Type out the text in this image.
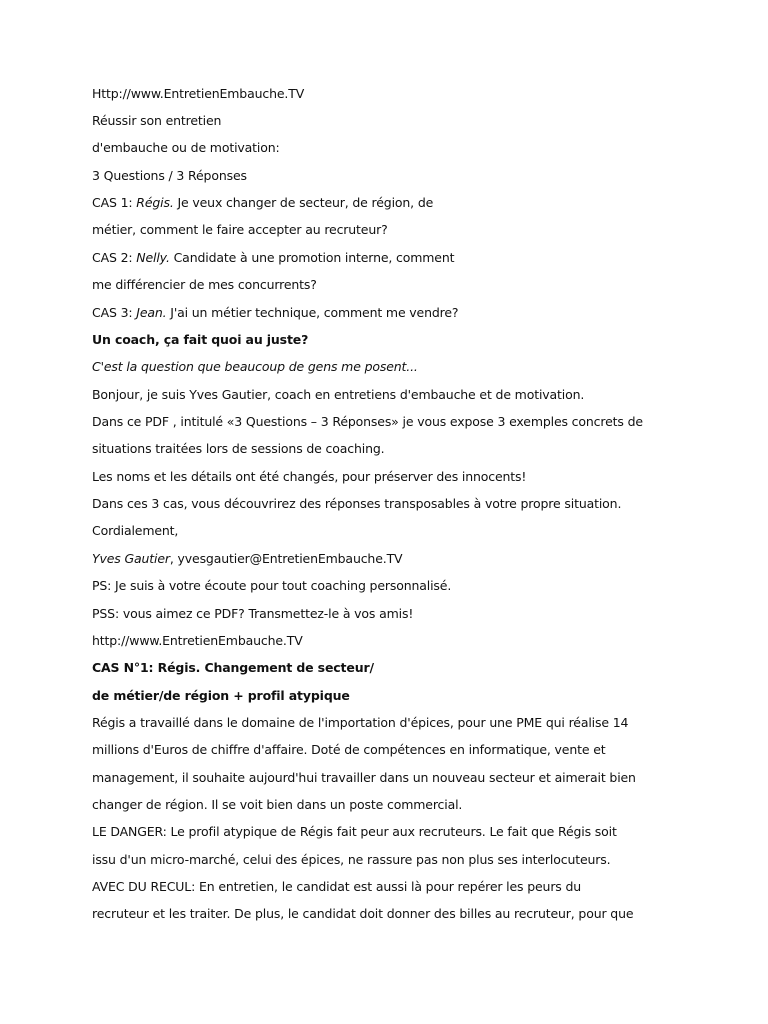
Http://www.EntretienEmbauche.TV
Réussir son entretien
d'embauche ou de motivation:
3 Questions / 3 Réponses
CAS 1: Régis. Je veux changer de secteur, de région, de
métier, comment le faire accepter au recruteur?
CAS 2: Nelly. Candidate à une promotion interne, comment
me différencier de mes concurrents?
CAS 3: Jean. J'ai un métier technique, comment me vendre?
Un coach, ça fait quoi au juste?
C'est la question que beaucoup de gens me posent...
Bonjour, je suis Yves Gautier, coach en entretiens d'embauche et de motivation.
Dans ce PDF , intitulé «3 Questions – 3 Réponses» je vous expose 3 exemples concrets de
situations traitées lors de sessions de coaching.
Les noms et les détails ont été changés, pour préserver des innocents!
Dans ces 3 cas, vous découvrirez des réponses transposables à votre propre situation.
Cordialement,
Yves Gautier, yvesgautier@EntretienEmbauche.TV
PS: Je suis à votre écoute pour tout coaching personnalisé.
PSS: vous aimez ce PDF? Transmettez-le à vos amis!
http://www.EntretienEmbauche.TV
CAS N°1: Régis. Changement de secteur/
de métier/de région + profil atypique
Régis a travaillé dans le domaine de l'importation d'épices, pour une PME qui réalise 14
millions d'Euros de chiffre d'affaire. Doté de compétences en informatique, vente et
management, il souhaite aujourd'hui travailler dans un nouveau secteur et aimerait bien
changer de région. Il se voit bien dans un poste commercial.
LE DANGER: Le profil atypique de Régis fait peur aux recruteurs. Le fait que Régis soit
issu d'un micro-marché, celui des épices, ne rassure pas non plus ses interlocuteurs.
AVEC DU RECUL: En entretien, le candidat est aussi là pour repérer les peurs du
recruteur et les traiter. De plus, le candidat doit donner des billes au recruteur, pour que
